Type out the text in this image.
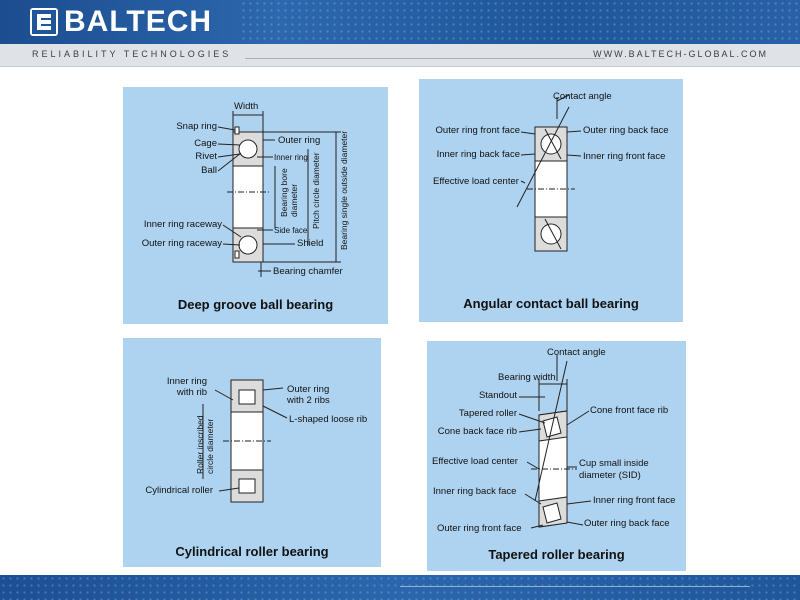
BALTECH
RELIABILITY TECHNOLOGIES	WWW.BALTECH-GLOBAL.COM
Width
Snap ring
Cage
Rivet
Ball
Outer ring
Inner ring
Inner ring raceway
Outer ring raceway
Side face
Shield
Bearing chamfer
Bearing bore diameter Pitch circle diameter Bearing single outside diameter
Deep groove ball bearing
Contact angle
Outer ring front face
Inner ring back face
Effective load center
Outer ring back face
Inner ring front face
Angular contact ball bearing
Inner ring
with rib	Outer ring
with 2 ribs
L-shaped loose rib
Roller inscribed circle diameter
Cylindrical roller
Cylindrical roller bearing
Contact angle
Bearing width
Standout
Tapered roller
Cone back face rib
Cone front face rib
Effective load center	Cup small inside
diameter (SID)
Inner ring back face
Inner ring front face
Outer ring front face	Outer ring back face
Tapered roller bearing
